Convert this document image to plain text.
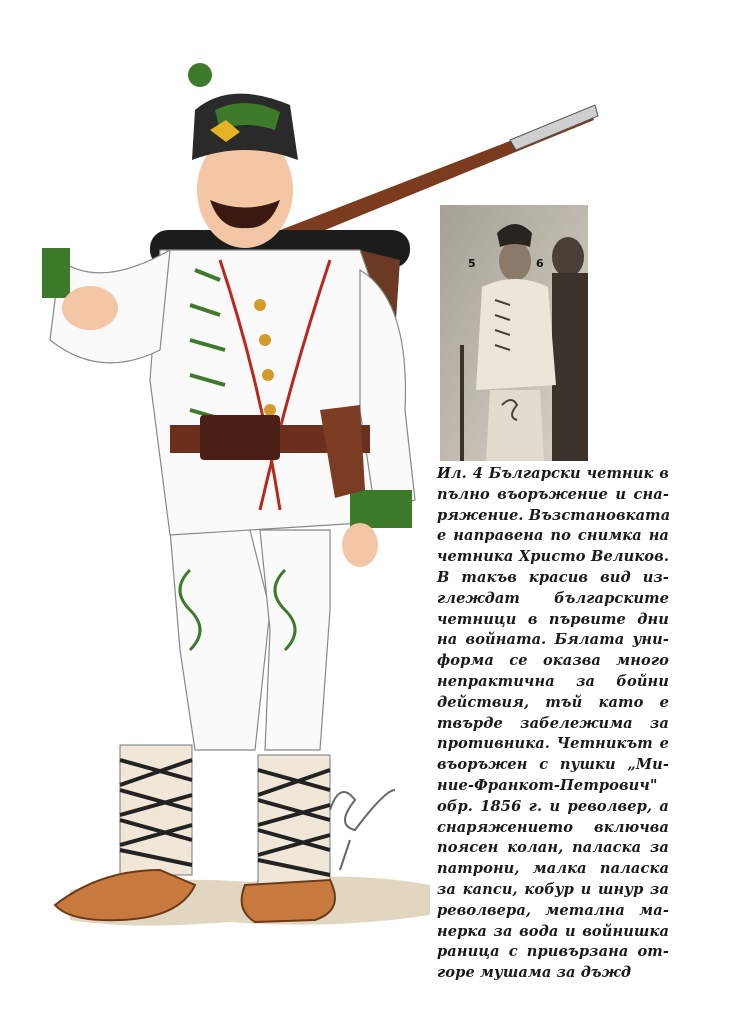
5	6
Ил. 4 Български четник в
пълно въоръжение и сна-
ряжение. Възстановката
е направена по снимка на
четника Христо Великов.
В такъв красив вид из-
глеждат българските
четници в първите дни
на войната. Бялата уни-
форма се оказва много
непрактична за бойни
действия, тъй като е
твърде забележима за
противника. Четникът е
въоръжен с пушки „Ми-
ние-Франкот-Петрович"
обр. 1856 г. и револвер, а
снаряжението включва
поясен колан, паласка за
патрони, малка паласка
за капси, кобур и шнур за
револвера, метална ма-
нерка за вода и войнишка
раница с привързана от-
горе мушама за дъжд
